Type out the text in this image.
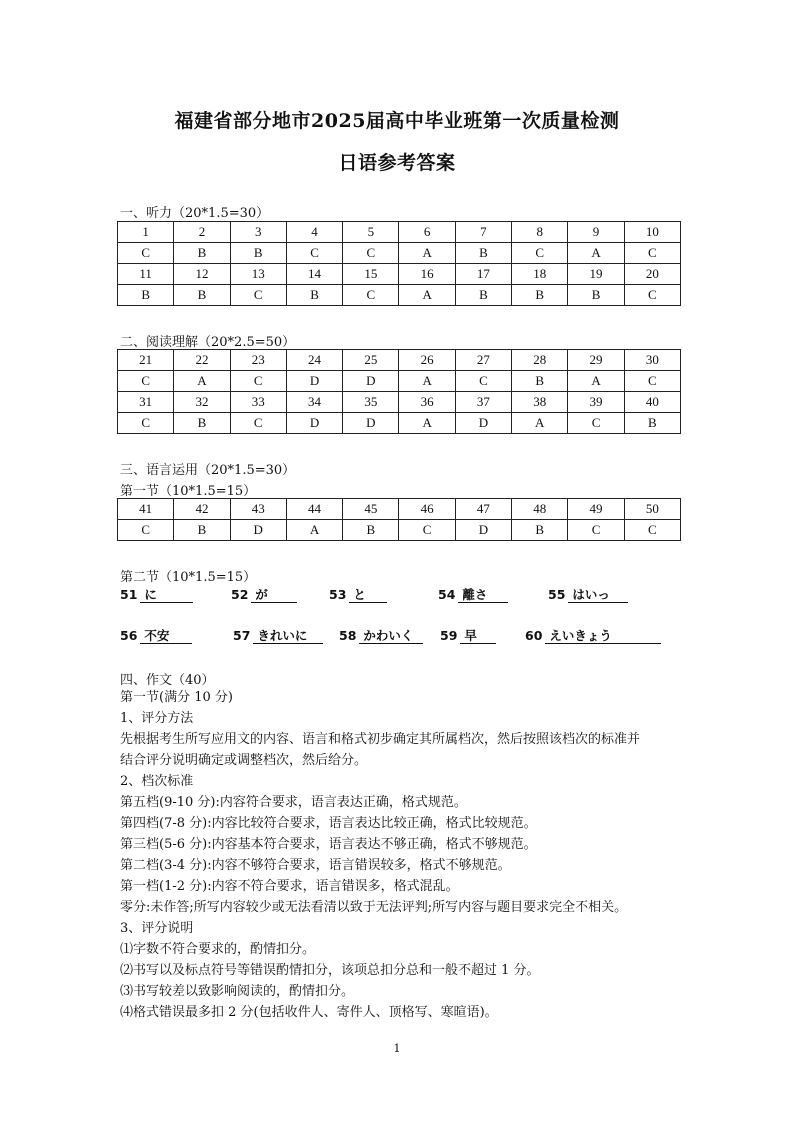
福建省部分地市2025届高中毕业班第一次质量检测
日语参考答案
一、听力（20*1.5=30）
1	2	3	4	5	6	7	8	9	10
C	B	B	C	C	A	B	C	A	C
11	12	13	14	15	16	17	18	19	20
B	B	C	B	C	A	B	B	B	C
二、阅读理解（20*2.5=50）
21	22	23	24	25	26	27	28	29	30
C	A	C	D	D	A	C	B	A	C
31	32	33	34	35	36	37	38	39	40
C	B	C	D	D	A	D	A	C	B
三、语言运用（20*1.5=30）
第一节（10*1.5=15）
41	42	43	44	45	46	47	48	49	50
C	B	D	A	B	C	D	B	C	C
第二节（10*1.5=15）
51 に	52 が	53 と	54 離さ	55 はいっ
56 不安	57 きれいに	58 かわいく	59 早	60 えいきょう
四、作文（40）
第一节(满分 10 分)
1、评分方法
先根据考生所写应用文的内容、语言和格式初步确定其所属档次，然后按照该档次的标准并
结合评分说明确定或调整档次，然后给分。
2、档次标准
第五档(9-10 分):内容符合要求，语言表达正确，格式规范。
第四档(7-8 分):内容比较符合要求，语言表达比较正确，格式比较规范。
第三档(5-6 分):内容基本符合要求，语言表达不够正确，格式不够规范。
第二档(3-4 分):内容不够符合要求，语言错误较多，格式不够规范。
第一档(1-2 分):内容不符合要求，语言错误多，格式混乱。
零分:未作答;所写内容较少或无法看清以致于无法评判;所写内容与题目要求完全不相关。
3、评分说明
⑴字数不符合要求的，酌情扣分。
⑵书写以及标点符号等错误酌情扣分，该项总扣分总和一般不超过 1 分。
⑶书写较差以致影响阅读的，酌情扣分。
⑷格式错误最多扣 2 分(包括收件人、寄件人、顶格写、寒暄语)。
1
